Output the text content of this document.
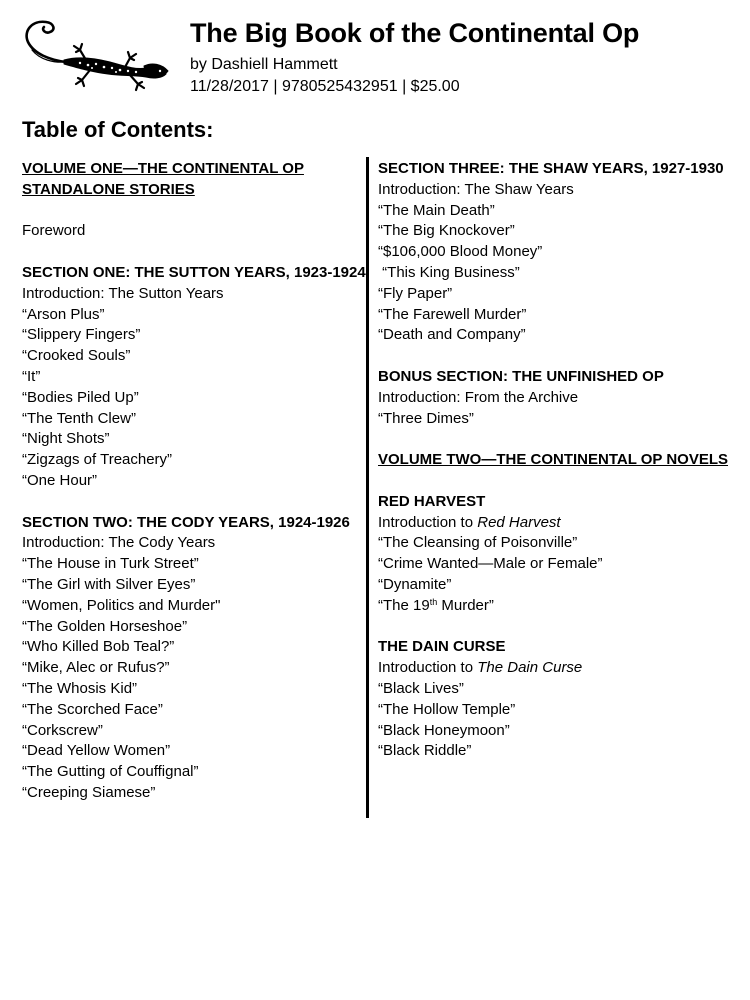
The Big Book of the Continental Op
by Dashiell Hammett
11/28/2017 | 9780525432951 | $25.00
Table of Contents:
VOLUME ONE—THE CONTINENTAL OP
STANDALONE STORIES
Foreword
SECTION ONE: THE SUTTON YEARS, 1923-1924
Introduction: The Sutton Years
“Arson Plus”
“Slippery Fingers”
“Crooked Souls”
“It”
“Bodies Piled Up”
“The Tenth Clew”
“Night Shots”
“Zigzags of Treachery”
“One Hour”
SECTION TWO: THE CODY YEARS, 1924-1926
Introduction: The Cody Years
“The House in Turk Street”
“The Girl with Silver Eyes”
“Women, Politics and Murder"
“The Golden Horseshoe”
“Who Killed Bob Teal?”
“Mike, Alec or Rufus?”
“The Whosis Kid”
“The Scorched Face”
“Corkscrew”
“Dead Yellow Women”
“The Gutting of Couffignal”
“Creeping Siamese”
SECTION THREE: THE SHAW YEARS, 1927-1930
Introduction: The Shaw Years
“The Main Death”
“The Big Knockover”
“$106,000 Blood Money”
“This King Business”
“Fly Paper”
“The Farewell Murder”
“Death and Company”
BONUS SECTION: THE UNFINISHED OP
Introduction: From the Archive
“Three Dimes”
VOLUME TWO—THE CONTINENTAL OP NOVELS
RED HARVEST
Introduction to Red Harvest
“The Cleansing of Poisonville”
“Crime Wanted—Male or Female”
“Dynamite”
“The 19th Murder”
THE DAIN CURSE
Introduction to The Dain Curse
“Black Lives”
“The Hollow Temple”
“Black Honeymoon”
“Black Riddle”
